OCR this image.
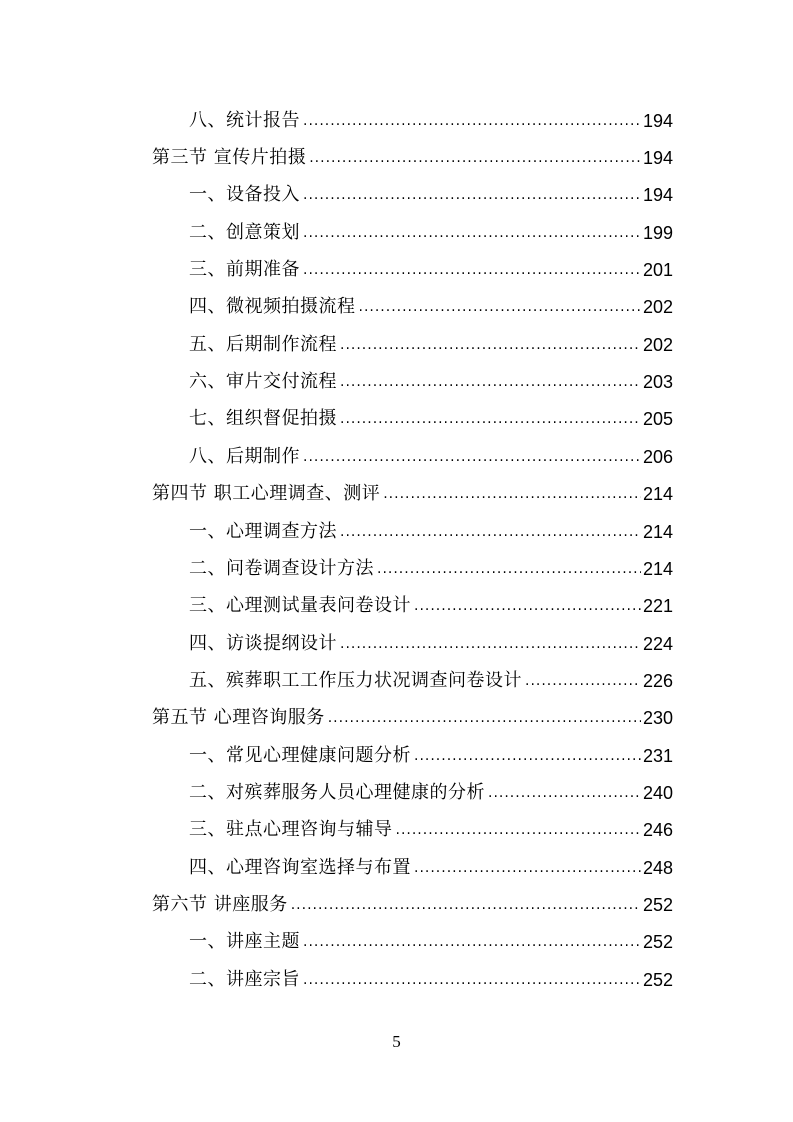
八、统计报告 .....	194
第三节 宣传片拍摄 .....	194
一、设备投入 .....	194
二、创意策划 .....	199
三、前期准备 .....	201
四、微视频拍摄流程 .....	202
五、后期制作流程 .....	202
六、审片交付流程 .....	203
七、组织督促拍摄 .....	205
八、后期制作 .....	206
第四节 职工心理调查、测评 .....	214
一、心理调查方法 .....	214
二、问卷调查设计方法 .....	214
三、心理测试量表问卷设计 .....	221
四、访谈提纲设计 .....	224
五、殡葬职工工作压力状况调查问卷设计 .....	226
第五节 心理咨询服务 .....	230
一、常见心理健康问题分析 .....	231
二、对殡葬服务人员心理健康的分析 .....	240
三、驻点心理咨询与辅导 .....	246
四、心理咨询室选择与布置 .....	248
第六节 讲座服务 .....	252
一、讲座主题 .....	252
二、讲座宗旨 .....	252
5
